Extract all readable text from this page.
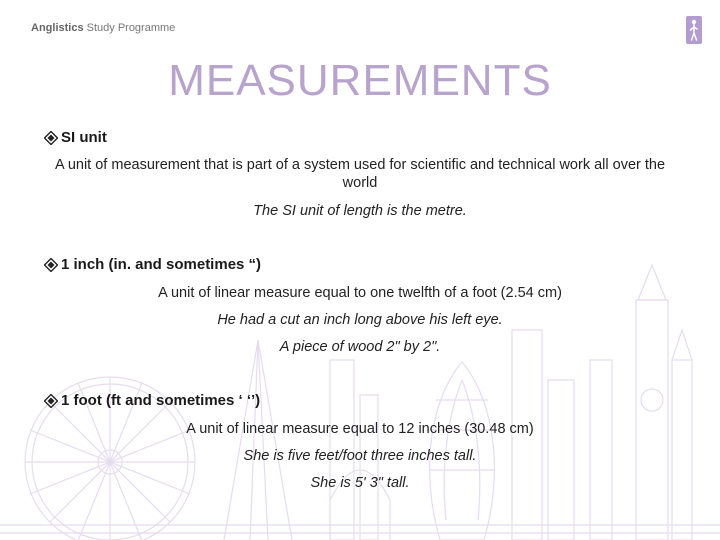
Anglistics Study Programme
MEASUREMENTS
SI unit
A unit of measurement that is part of a system used for scientific and technical work all over the world
The SI unit of length is the metre.
1 inch (in. and sometimes “)
A unit of linear measure equal to one twelfth of a foot (2.54 cm)
He had a cut an inch long above his left eye.
A piece of wood 2" by 2".
1 foot (ft and sometimes ‘ ‘’)
A unit of linear measure equal to 12 inches (30.48 cm)
She is five feet/foot three inches tall.
She is 5' 3" tall.
